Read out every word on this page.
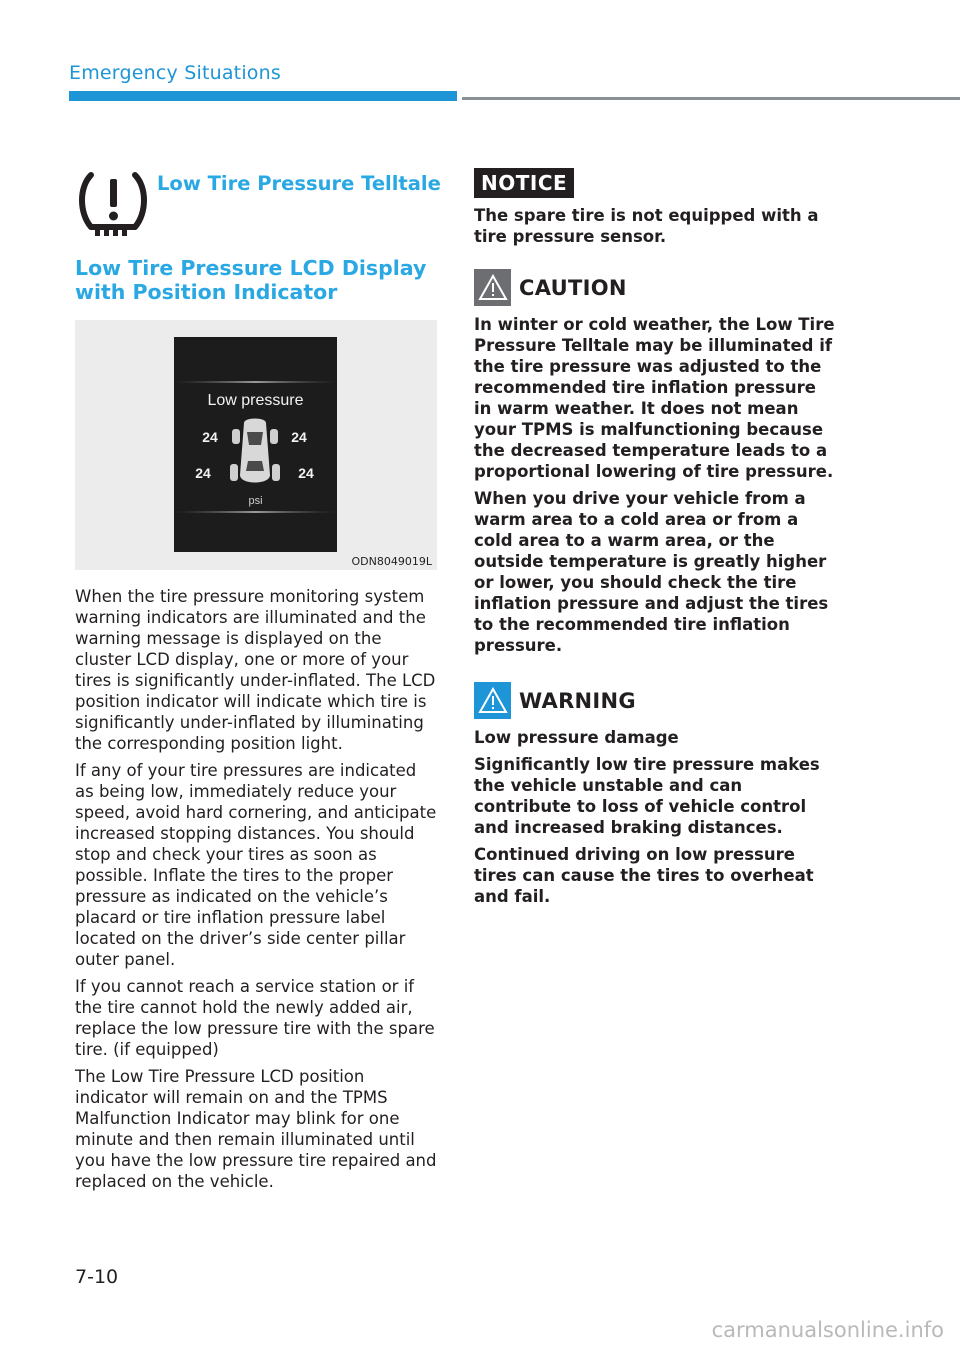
Emergency Situations
Low Tire Pressure Telltale
Low Tire Pressure LCD Display with Position Indicator
Low pressure
24	24
24	24
psi
ODN8049019L

When the tire pressure monitoring system warning indicators are illuminated and the warning message is displayed on the cluster LCD display, one or more of your tires is significantly under-inflated. The LCD position indicator will indicate which tire is significantly under-inflated by illuminating the corresponding position light.

If any of your tire pressures are indicated as being low, immediately reduce your speed, avoid hard cornering, and anticipate increased stopping distances. You should stop and check your tires as soon as possible. Inflate the tires to the proper pressure as indicated on the vehicle’s placard or tire inflation pressure label located on the driver’s side center pillar outer panel.

If you cannot reach a service station or if the tire cannot hold the newly added air, replace the low pressure tire with the spare tire. (if equipped)

The Low Tire Pressure LCD position indicator will remain on and the TPMS Malfunction Indicator may blink for one minute and then remain illuminated until you have the low pressure tire repaired and replaced on the vehicle.

NOTICE

The spare tire is not equipped with a tire pressure sensor.

CAUTION

In winter or cold weather, the Low Tire Pressure Telltale may be illuminated if the tire pressure was adjusted to the recommended tire inflation pressure in warm weather. It does not mean your TPMS is malfunctioning because the decreased temperature leads to a proportional lowering of tire pressure.

When you drive your vehicle from a warm area to a cold area or from a cold area to a warm area, or the outside temperature is greatly higher or lower, you should check the tire inflation pressure and adjust the tires to the recommended tire inflation pressure.

WARNING

Low pressure damage

Significantly low tire pressure makes the vehicle unstable and can contribute to loss of vehicle control and increased braking distances.

Continued driving on low pressure tires can cause the tires to overheat and fail.

7-10
carmanualsonline.info
